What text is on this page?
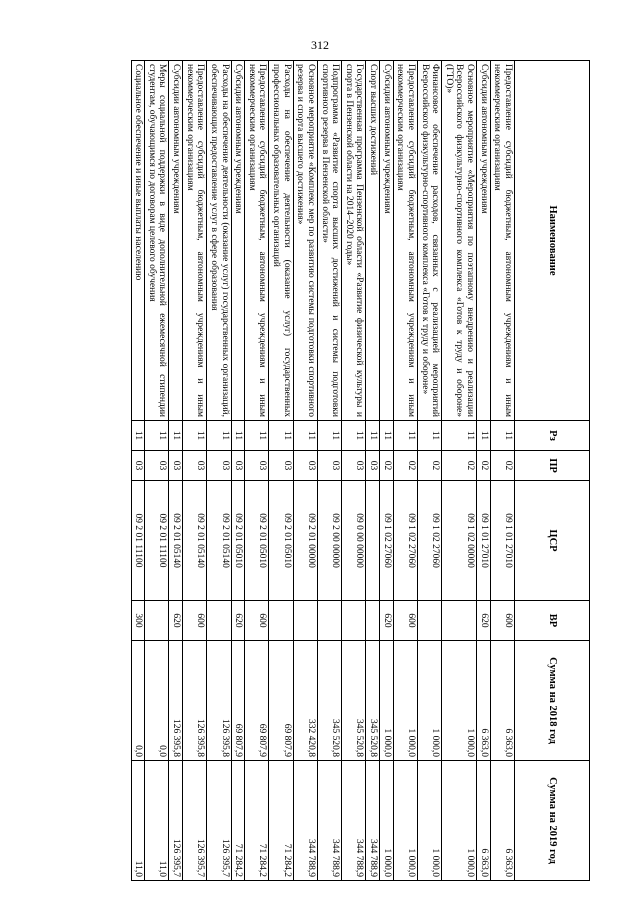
312
Наименование	Рз	ПР	ЦСР	ВР	Сумма на 2018 год	Сумма на 2019 год
Предоставление субсидий бюджетным, автономным учреждениям и иным некоммерческим организациям	11	02	09 1 01 27010	600	6 363,0	6 363,0
Субсидии автономным учреждениям	11	02	09 1 01 27010	620	6 363,0	6 363,0
Основное мероприятие «Мероприятия по поэтапному внедрению и реализации Всероссийского физкультурно-спортивного комплекса «Готов к труду и обороне» (ГТО)»	11	02	09 1 02 00000		1 000,0	1 000,0
Финансовое обеспечение расходов, связанных с реализацией мероприятий Всероссийского физкультурно-спортивного комплекса «Готов к труду и обороне»	11	02	09 1 02 27060		1 000,0	1 000,0
Предоставление субсидий бюджетным, автономным учреждениям и иным некоммерческим организациям	11	02	09 1 02 27060	600	1 000,0	1 000,0
Субсидии автономным учреждениям	11	02	09 1 02 27060	620	1 000,0	1 000,0
Спорт высших достижений	11	03			345 520,8	344 788,9
Государственная программа Пензенской области «Развитие физической культуры и спорта в Пензенской области на 2014–2020 годы»	11	03	09 0 00 00000		345 520,8	344 788,9
Подпрограмма «Развитие спорта высших достижений и системы подготовки спортивного резерва в Пензенской области»	11	03	09 2 00 00000		345 520,8	344 788,9
Основное мероприятие «Комплекс мер по развитию системы подготовки спортивного резерва и спорта высшего достижения»	11	03	09 2 01 00000		332 420,8	344 788,9
Расходы на обеспечение деятельности (оказание услуг) государственных профессиональных образовательных организаций	11	03	09 2 01 05010		69 807,9	71 284,2
Предоставление субсидий бюджетным, автономным учреждениям и иным некоммерческим организациям	11	03	09 2 01 05010	600	69 807,9	71 284,2
Субсидии автономным учреждениям	11	03	09 2 01 05010	620	69 807,9	71 284,2
Расходы на обеспечение деятельности (оказание услуг) государственных организаций, обеспечивающих предоставление услуг в сфере образования	11	03	09 2 01 05140		126 395,8	126 395,7
Предоставление субсидий бюджетным, автономным учреждениям и иным некоммерческим организациям	11	03	09 2 01 05140	600	126 395,8	126 395,7
Субсидии автономным учреждениям	11	03	09 2 01 05140	620	126 395,8	126 395,7
Меры социальной поддержки в виде дополнительной ежемесячной стипендии студентам, обучающимся по договорам целевого обучения	11	03	09 2 01 11100		0,0	11,0
Социальное обеспечение и иные выплаты населению	11	03	09 2 01 11100	300	0,0	11,0
